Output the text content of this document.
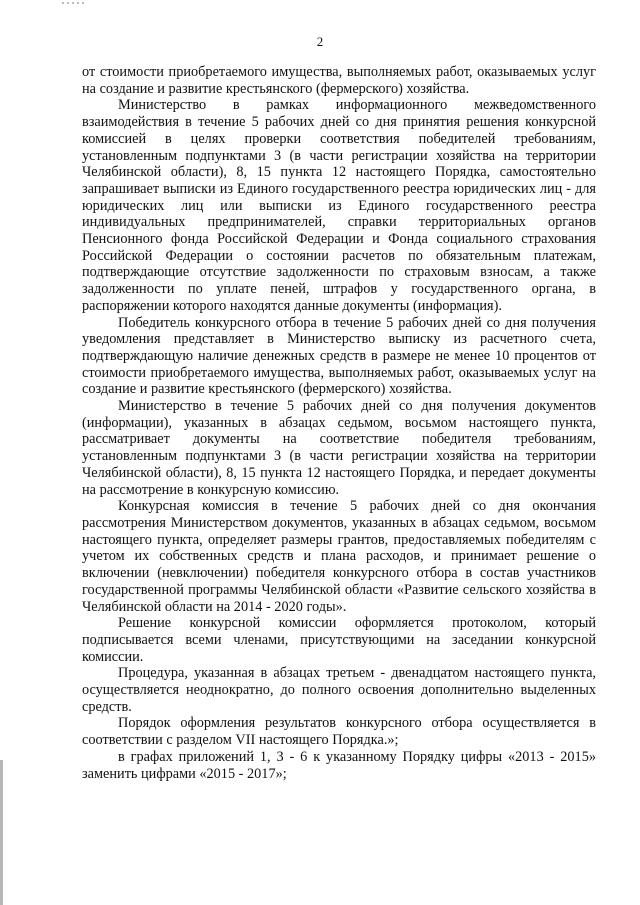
2

от стоимости приобретаемого имущества, выполняемых работ, оказываемых услуг на создание и развитие крестьянского (фермерского) хозяйства.

Министерство в рамках информационного межведомственного взаимодействия в течение 5 рабочих дней со дня принятия решения конкурсной комиссией в целях проверки соответствия победителей требованиям, установленным подпунктами 3 (в части регистрации хозяйства на территории Челябинской области), 8, 15 пункта 12 настоящего Порядка, самостоятельно запрашивает выписки из Единого государственного реестра юридических лиц - для юридических лиц или выписки из Единого государственного реестра индивидуальных предпринимателей, справки территориальных органов Пенсионного фонда Российской Федерации и Фонда социального страхования Российской Федерации о состоянии расчетов по обязательным платежам, подтверждающие отсутствие задолженности по страховым взносам, а также задолженности по уплате пеней, штрафов у государственного органа, в распоряжении которого находятся данные документы (информация).

Победитель конкурсного отбора в течение 5 рабочих дней со дня получения уведомления представляет в Министерство выписку из расчетного счета, подтверждающую наличие денежных средств в размере не менее 10 процентов от стоимости приобретаемого имущества, выполняемых работ, оказываемых услуг на создание и развитие крестьянского (фермерского) хозяйства.

Министерство в течение 5 рабочих дней со дня получения документов (информации), указанных в абзацах седьмом, восьмом настоящего пункта, рассматривает документы на соответствие победителя требованиям, установленным подпунктами 3 (в части регистрации хозяйства на территории Челябинской области), 8, 15 пункта 12 настоящего Порядка, и передает документы на рассмотрение в конкурсную комиссию.

Конкурсная комиссия в течение 5 рабочих дней со дня окончания рассмотрения Министерством документов, указанных в абзацах седьмом, восьмом настоящего пункта, определяет размеры грантов, предоставляемых победителям с учетом их собственных средств и плана расходов, и принимает решение о включении (невключении) победителя конкурсного отбора в состав участников государственной программы Челябинской области «Развитие сельского хозяйства в Челябинской области на 2014 - 2020 годы».

Решение конкурсной комиссии оформляется протоколом, который подписывается всеми членами, присутствующими на заседании конкурсной комиссии.

Процедура, указанная в абзацах третьем - двенадцатом настоящего пункта, осуществляется неоднократно, до полного освоения дополнительно выделенных средств.

Порядок оформления результатов конкурсного отбора осуществляется в соответствии с разделом VII настоящего Порядка.»;

в графах приложений 1, 3 - 6 к указанному Порядку цифры «2013 - 2015» заменить цифрами «2015 - 2017»;
